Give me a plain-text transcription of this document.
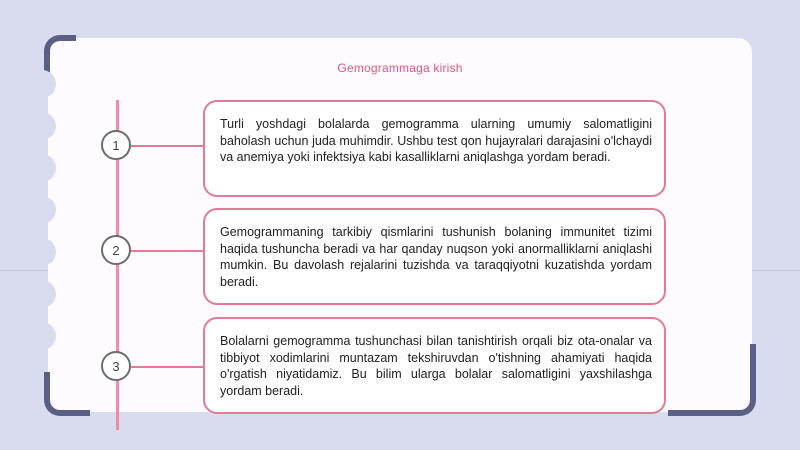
Gemogrammaga kirish
1
Turli yoshdagi bolalarda gemogramma ularning umumiy salomatligini baholash uchun juda muhimdir. Ushbu test qon hujayralari darajasini o'lchaydi va anemiya yoki infektsiya kabi kasalliklarni aniqlashga yordam beradi.
2
Gemogrammaning tarkibiy qismlarini tushunish bolaning immunitet tizimi haqida tushuncha beradi va har qanday nuqson yoki anormalliklarni aniqlashi mumkin. Bu davolash rejalarini tuzishda va taraqqiyotni kuzatishda yordam beradi.
3
Bolalarni gemogramma tushunchasi bilan tanishtirish orqali biz ota-onalar va tibbiyot xodimlarini muntazam tekshiruvdan o'tishning ahamiyati haqida o'rgatish niyatidamiz. Bu bilim ularga bolalar salomatligini yaxshilashga yordam beradi.
